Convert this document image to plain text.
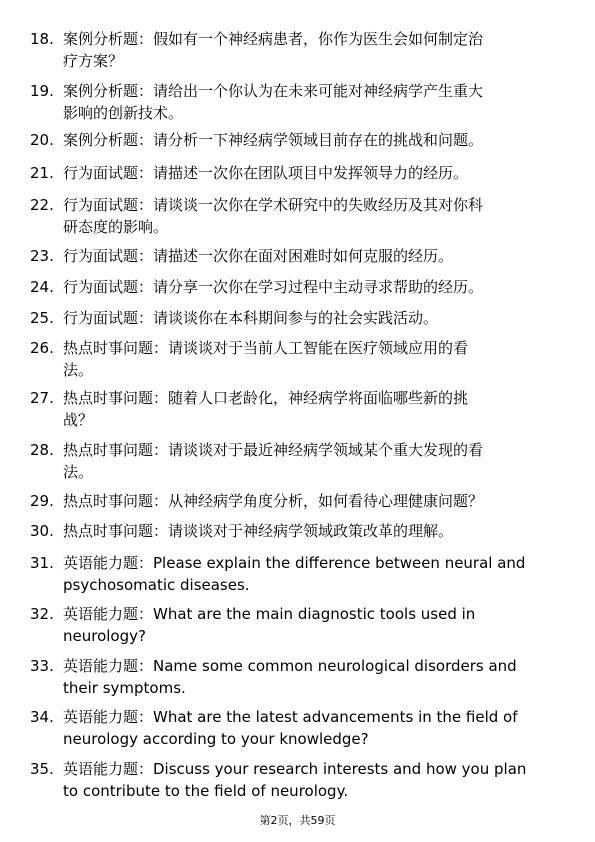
18. 案例分析题：假如有一个神经病患者，你作为医生会如何制定治
疗方案？
19. 案例分析题：请给出一个你认为在未来可能对神经病学产生重大
影响的创新技术。
20. 案例分析题：请分析一下神经病学领域目前存在的挑战和问题。
21. 行为面试题：请描述一次你在团队项目中发挥领导力的经历。
22. 行为面试题：请谈谈一次你在学术研究中的失败经历及其对你科
研态度的影响。
23. 行为面试题：请描述一次你在面对困难时如何克服的经历。
24. 行为面试题：请分享一次你在学习过程中主动寻求帮助的经历。
25. 行为面试题：请谈谈你在本科期间参与的社会实践活动。
26. 热点时事问题：请谈谈对于当前人工智能在医疗领域应用的看
法。
27. 热点时事问题：随着人口老龄化，神经病学将面临哪些新的挑
战？
28. 热点时事问题：请谈谈对于最近神经病学领域某个重大发现的看
法。
29. 热点时事问题：从神经病学角度分析，如何看待心理健康问题？
30. 热点时事问题：请谈谈对于神经病学领域政策改革的理解。
31. 英语能力题：Please explain the difference between neural and
psychosomatic diseases.
32. 英语能力题：What are the main diagnostic tools used in
neurology?
33. 英语能力题：Name some common neurological disorders and
their symptoms.
34. 英语能力题：What are the latest advancements in the field of
neurology according to your knowledge?
35. 英语能力题：Discuss your research interests and how you plan
to contribute to the field of neurology.
第2页，共59页
